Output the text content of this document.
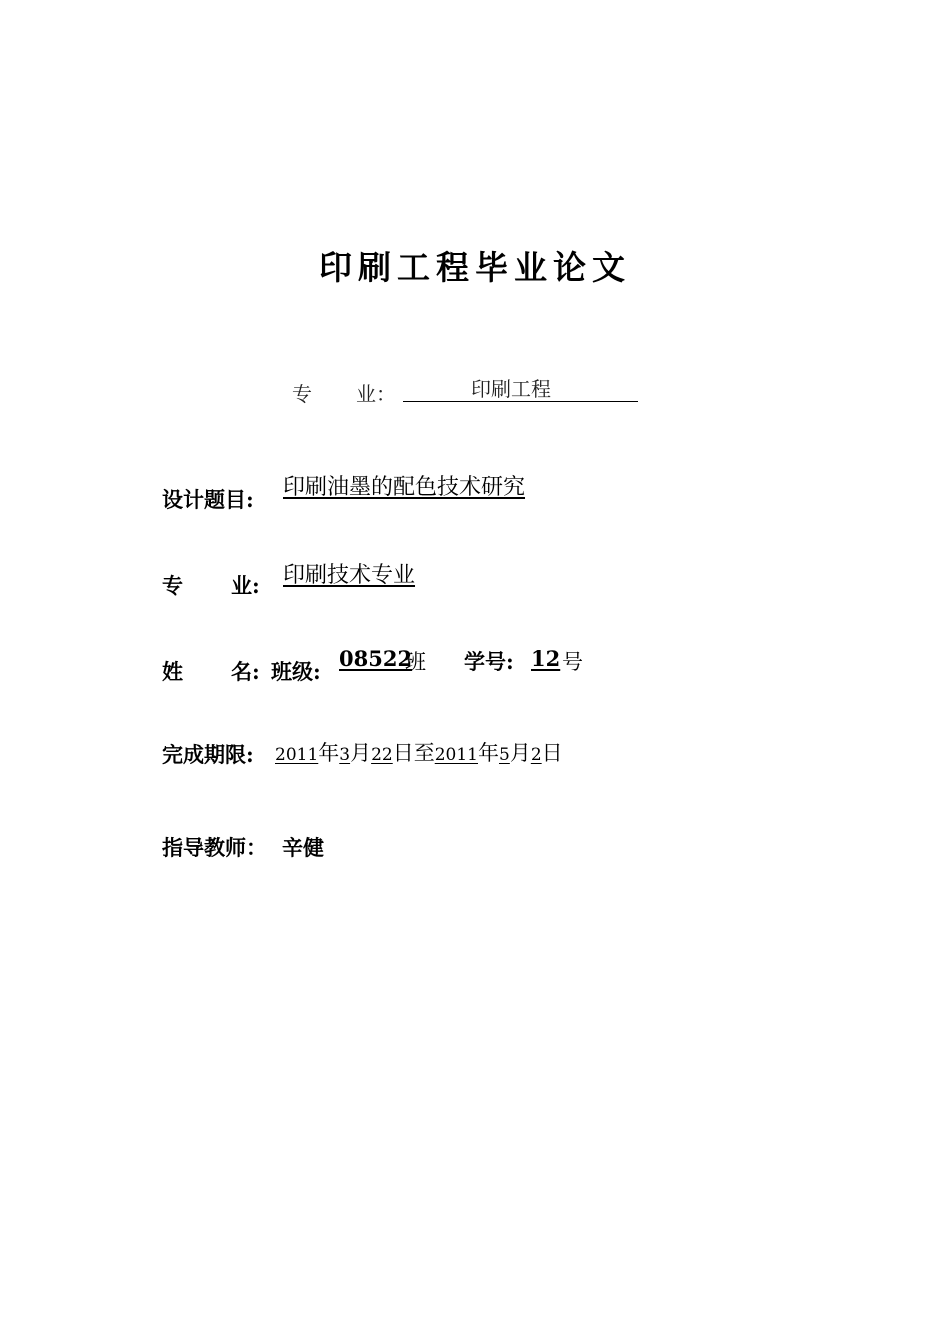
印刷工程毕业论文
专 业：	印刷工程
设计题目: 印刷油墨的配色技术研究
专 业: 印刷技术专业
姓 名: 班级:
08522
班 学号: 12 号
完成期限: 2011年3月22日至2011年5月2日
指导教师： 辛健
